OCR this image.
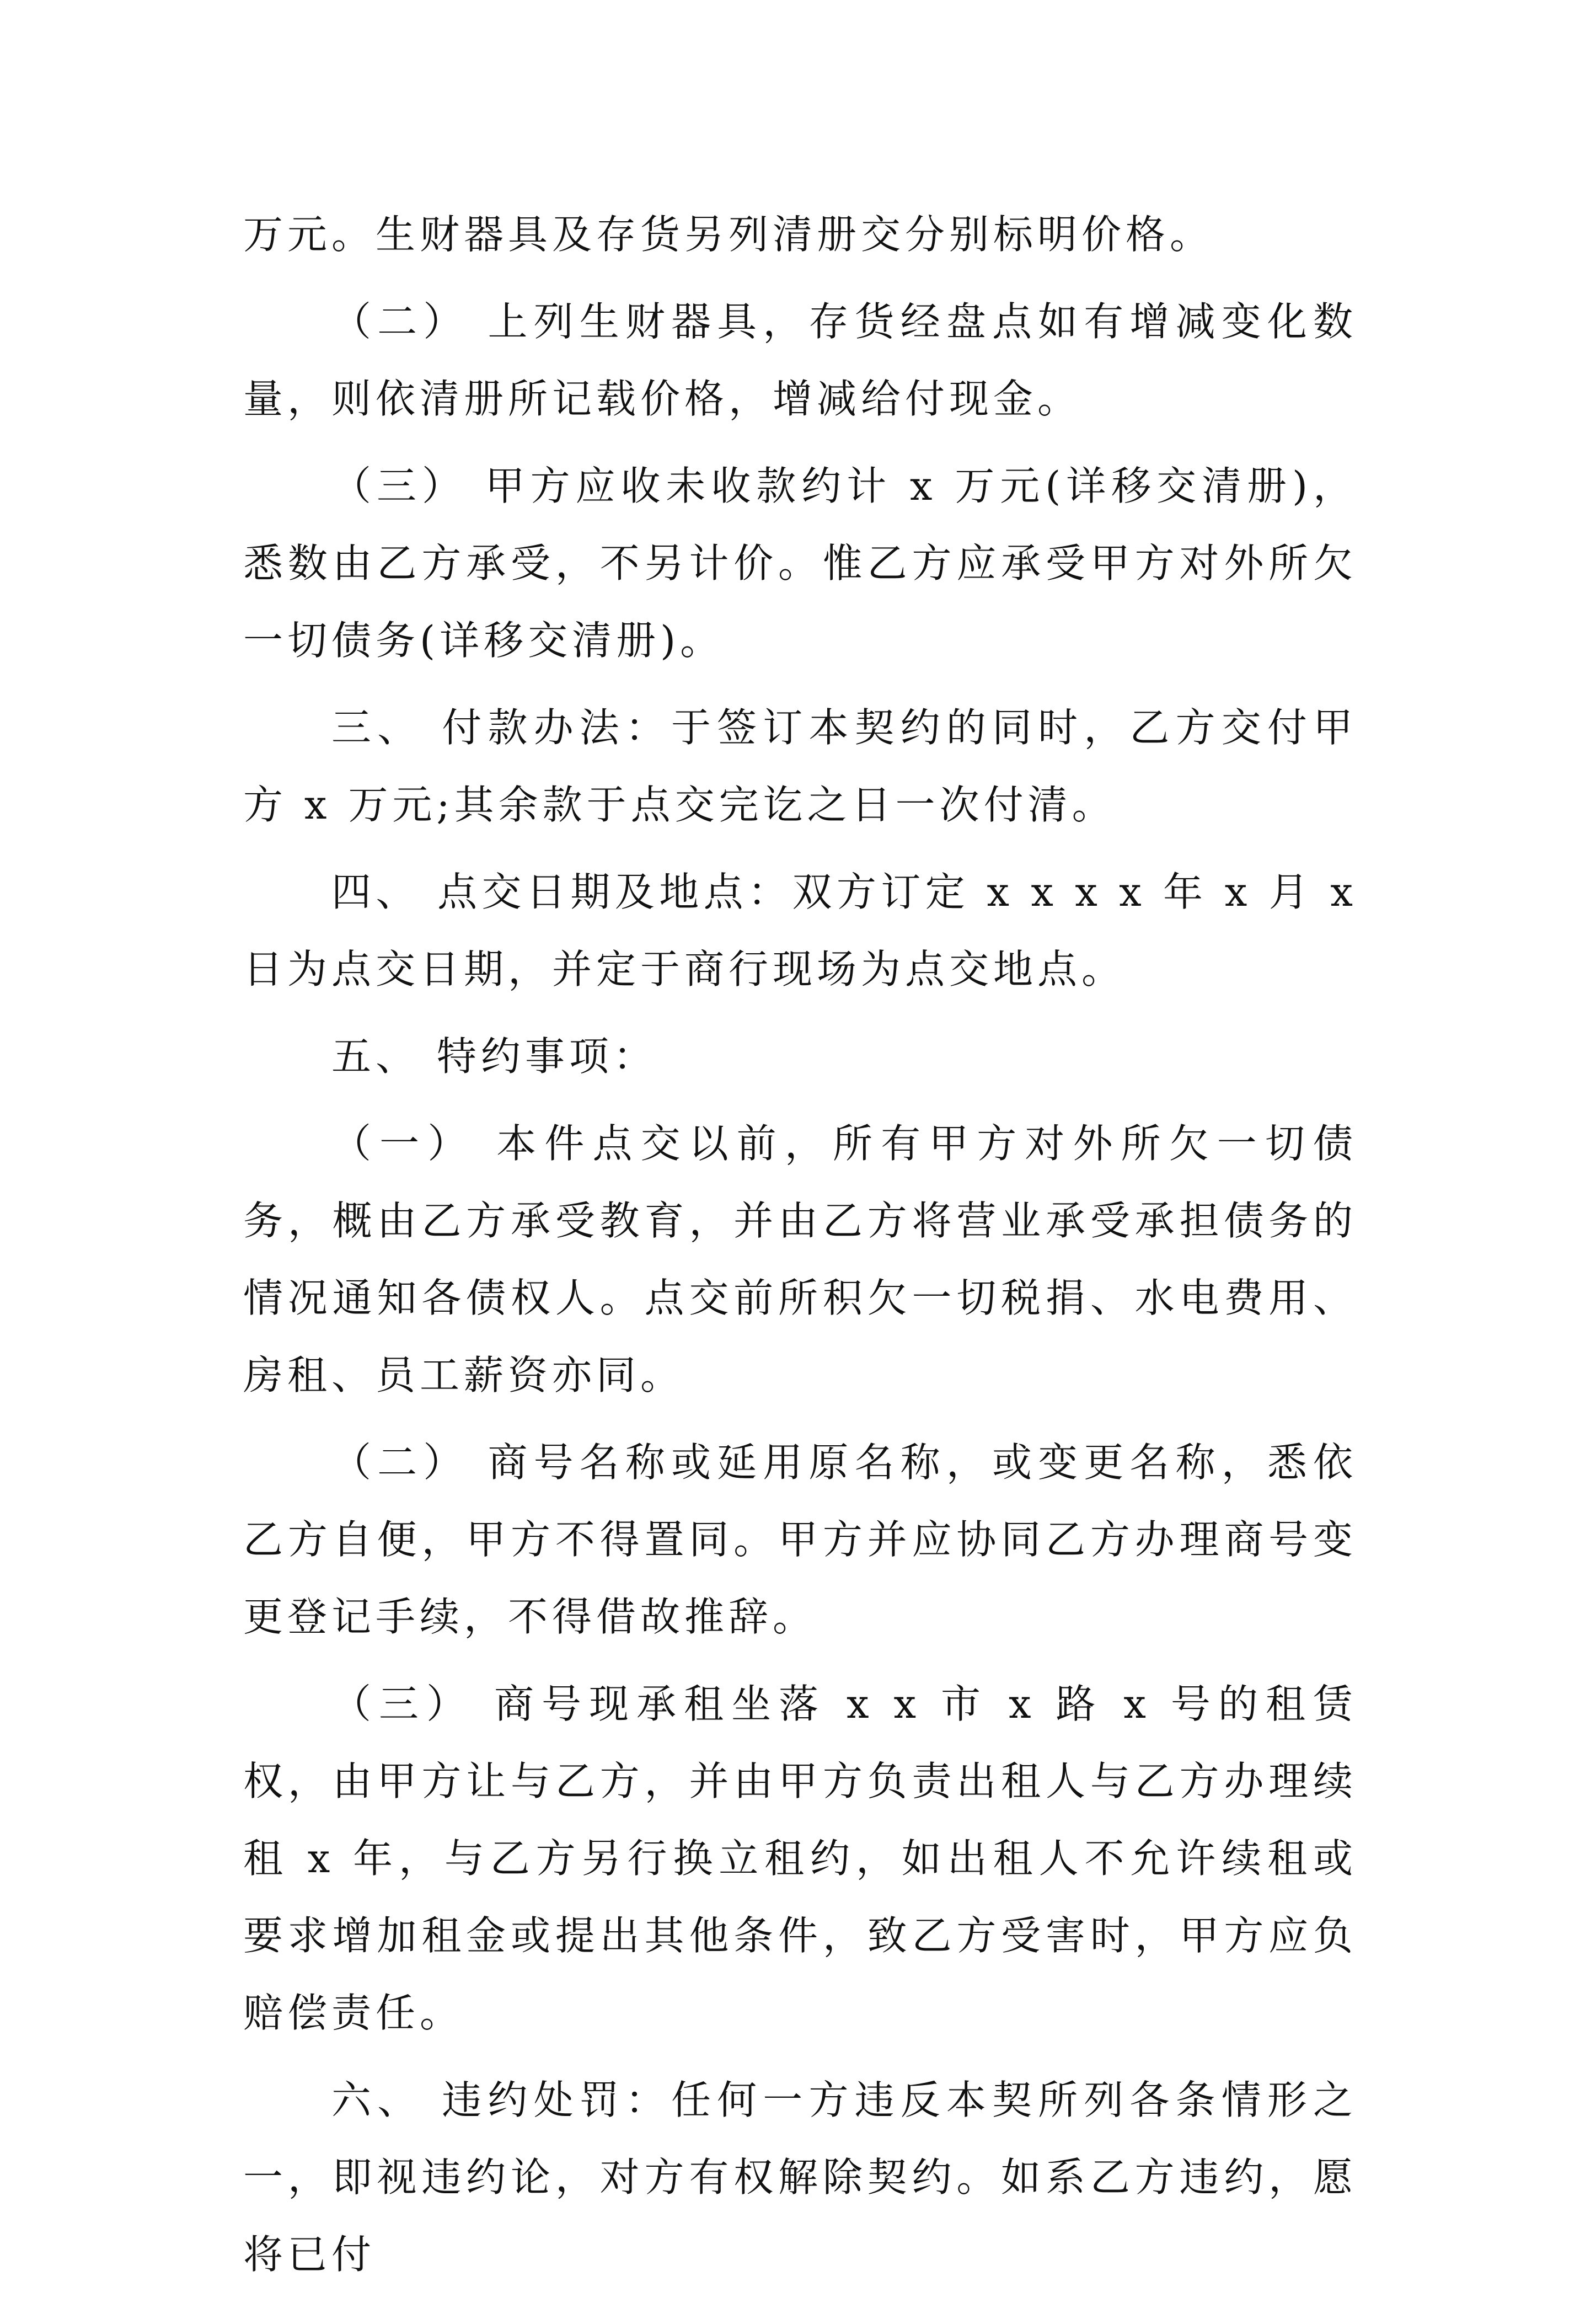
万元。生财器具及存货另列清册交分别标明价格。

（二） 上列生财器具，存货经盘点如有增减变化数量，则依清册所记载价格，增减给付现金。

（三） 甲方应收未收款约计 x 万元(详移交清册)，悉数由乙方承受，不另计价。惟乙方应承受甲方对外所欠一切债务(详移交清册)。

三、 付款办法：于签订本契约的同时，乙方交付甲方 x 万元;其余款于点交完讫之日一次付清。

四、 点交日期及地点：双方订定 x x x x 年 x 月 x 日为点交日期，并定于商行现场为点交地点。

五、 特约事项：

（一） 本件点交以前，所有甲方对外所欠一切债务，概由乙方承受教育，并由乙方将营业承受承担债务的情况通知各债权人。点交前所积欠一切税捐、水电费用、房租、员工薪资亦同。

（二） 商号名称或延用原名称，或变更名称，悉依乙方自便，甲方不得置同。甲方并应协同乙方办理商号变更登记手续，不得借故推辞。

（三） 商号现承租坐落 x x 市 x 路 x 号的租赁权，由甲方让与乙方，并由甲方负责出租人与乙方办理续租 x 年，与乙方另行换立租约，如出租人不允许续租或要求增加租金或提出其他条件，致乙方受害时，甲方应负赔偿责任。

六、 违约处罚：任何一方违反本契所列各条情形之一，即视违约论，对方有权解除契约。如系乙方违约，愿将已付
